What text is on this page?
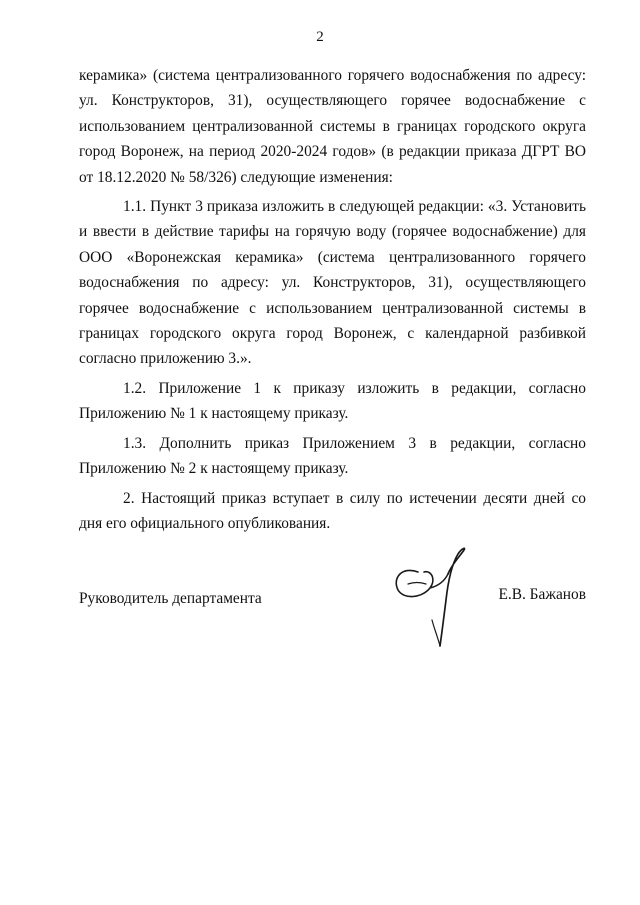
2

керамика» (система централизованного горячего водоснабжения по адресу: ул. Конструкторов, 31), осуществляющего горячее водоснабжение с использованием централизованной системы в границах городского округа город Воронеж, на период 2020-2024 годов» (в редакции приказа ДГРТ ВО от 18.12.2020 № 58/326) следующие изменения:

1.1. Пункт 3 приказа изложить в следующей редакции: «3. Установить и ввести в действие тарифы на горячую воду (горячее водоснабжение) для ООО «Воронежская керамика» (система централизованного горячего водоснабжения по адресу: ул. Конструкторов, 31), осуществляющего горячее водоснабжение с использованием централизованной системы в границах городского округа город Воронеж, с календарной разбивкой согласно приложению 3.».

1.2. Приложение 1 к приказу изложить в редакции, согласно Приложению № 1 к настоящему приказу.

1.3. Дополнить приказ Приложением 3 в редакции, согласно Приложению № 2 к настоящему приказу.

2. Настоящий приказ вступает в силу по истечении десяти дней со дня его официального опубликования.

Руководитель департамента	Е.В. Бажанов
